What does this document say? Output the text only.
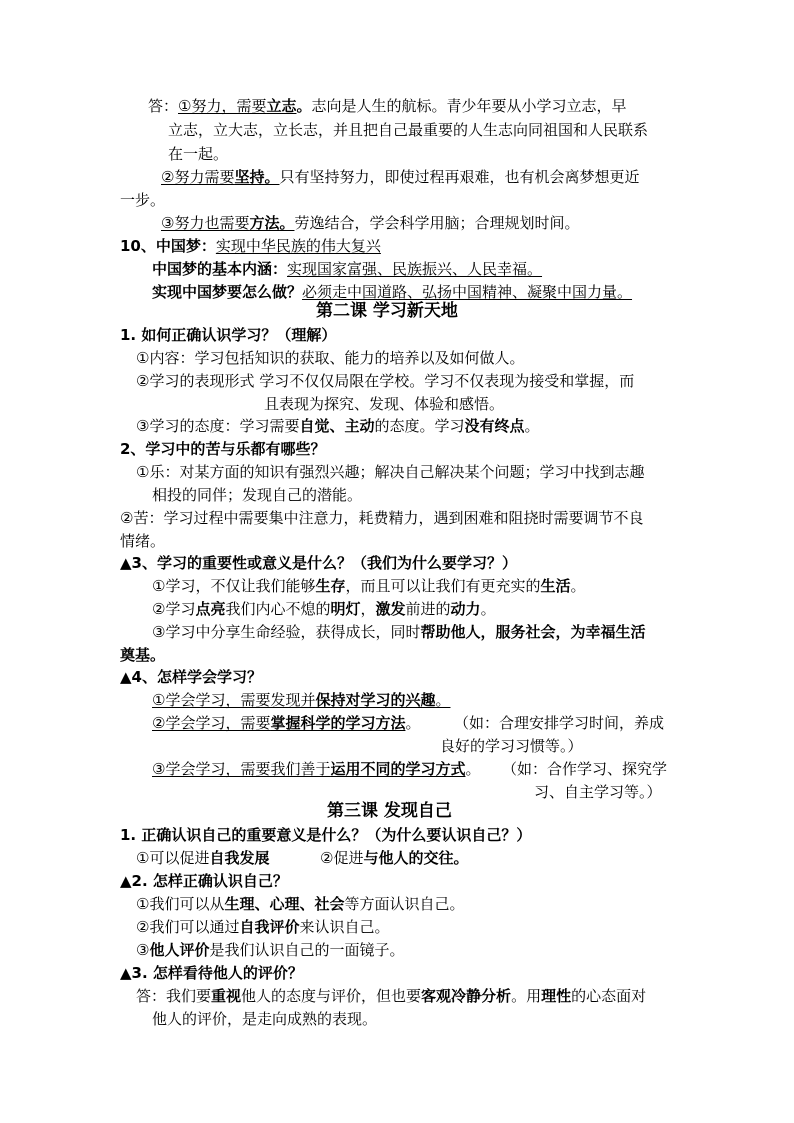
答：①努力，需要立志。志向是人生的航标。青少年要从小学习立志，早
立志，立大志，立长志，并且把自己最重要的人生志向同祖国和人民联系
在一起。
②努力需要坚持。只有坚持努力，即使过程再艰难，也有机会离梦想更近
一步。
③努力也需要方法。劳逸结合，学会科学用脑；合理规划时间。
10、中国梦：实现中华民族的伟大复兴
中国梦的基本内涵：实现国家富强、民族振兴、人民幸福。
实现中国梦要怎么做？必须走中国道路、弘扬中国精神、凝聚中国力量。
第二课 学习新天地
1. 如何正确认识学习？（理解）
①内容：学习包括知识的获取、能力的培养以及如何做人。
②学习的表现形式 学习不仅仅局限在学校。学习不仅表现为接受和掌握，而
且表现为探究、发现、体验和感悟。
③学习的态度：学习需要自觉、主动的态度。学习没有终点。
2、学习中的苦与乐都有哪些？
①乐：对某方面的知识有强烈兴趣；解决自己解决某个问题；学习中找到志趣
相投的同伴；发现自己的潜能。
②苦：学习过程中需要集中注意力，耗费精力，遇到困难和阻挠时需要调节不良
情绪。
▲3、学习的重要性或意义是什么？（我们为什么要学习？）
①学习，不仅让我们能够生存，而且可以让我们有更充实的生活。
②学习点亮我们内心不熄的明灯，激发前进的动力。
③学习中分享生命经验，获得成长，同时帮助他人，服务社会，为幸福生活
奠基。
▲4、怎样学会学习？
①学会学习，需要发现并保持对学习的兴趣。
②学会学习，需要掌握科学的学习方法。 （如：合理安排学习时间，养成
良好的学习习惯等。）
③学会学习，需要我们善于运用不同的学习方式。 （如：合作学习、探究学
习、自主学习等。）
第三课 发现自己
1. 正确认识自己的重要意义是什么？（为什么要认识自己？）
①可以促进自我发展	②促进与他人的交往。
▲2. 怎样正确认识自己？
①我们可以从生理、心理、社会等方面认识自己。
②我们可以通过自我评价来认识自己。
③他人评价是我们认识自己的一面镜子。
▲3. 怎样看待他人的评价？
答：我们要重视他人的态度与评价，但也要客观冷静分析。用理性的心态面对
他人的评价，是走向成熟的表现。
